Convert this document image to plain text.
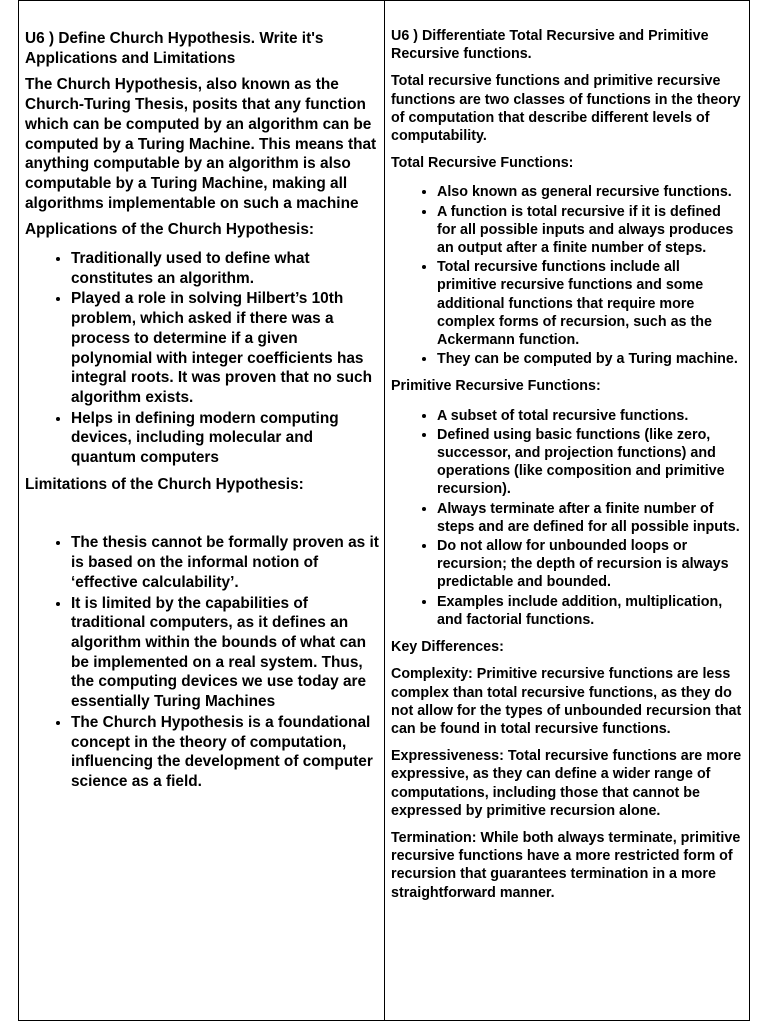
U6 ) Define Church Hypothesis. Write it's Applications and Limitations

The Church Hypothesis, also known as the Church-Turing Thesis, posits that any function which can be computed by an algorithm can be computed by a Turing Machine. This means that anything computable by an algorithm is also computable by a Turing Machine, making all algorithms implementable on such a machine

Applications of the Church Hypothesis:

• Traditionally used to define what constitutes an algorithm.
• Played a role in solving Hilbert’s 10th problem, which asked if there was a process to determine if a given polynomial with integer coefficients has integral roots. It was proven that no such algorithm exists.
• Helps in defining modern computing devices, including molecular and quantum computers

Limitations of the Church Hypothesis:

• The thesis cannot be formally proven as it is based on the informal notion of ‘effective calculability’.
• It is limited by the capabilities of traditional computers, as it defines an algorithm within the bounds of what can be implemented on a real system. Thus, the computing devices we use today are essentially Turing Machines
• The Church Hypothesis is a foundational concept in the theory of computation, influencing the development of computer science as a field.

U6 ) Differentiate Total Recursive and Primitive Recursive functions.

Total recursive functions and primitive recursive functions are two classes of functions in the theory of computation that describe different levels of computability.

Total Recursive Functions:

• Also known as general recursive functions.
• A function is total recursive if it is defined for all possible inputs and always produces an output after a finite number of steps.
• Total recursive functions include all primitive recursive functions and some additional functions that require more complex forms of recursion, such as the Ackermann function.
• They can be computed by a Turing machine.

Primitive Recursive Functions:

• A subset of total recursive functions.
• Defined using basic functions (like zero, successor, and projection functions) and operations (like composition and primitive recursion).
• Always terminate after a finite number of steps and are defined for all possible inputs.
• Do not allow for unbounded loops or recursion; the depth of recursion is always predictable and bounded.
• Examples include addition, multiplication, and factorial functions.

Key Differences:

Complexity: Primitive recursive functions are less complex than total recursive functions, as they do not allow for the types of unbounded recursion that can be found in total recursive functions.

Expressiveness: Total recursive functions are more expressive, as they can define a wider range of computations, including those that cannot be expressed by primitive recursion alone.

Termination: While both always terminate, primitive recursive functions have a more restricted form of recursion that guarantees termination in a more straightforward manner.
